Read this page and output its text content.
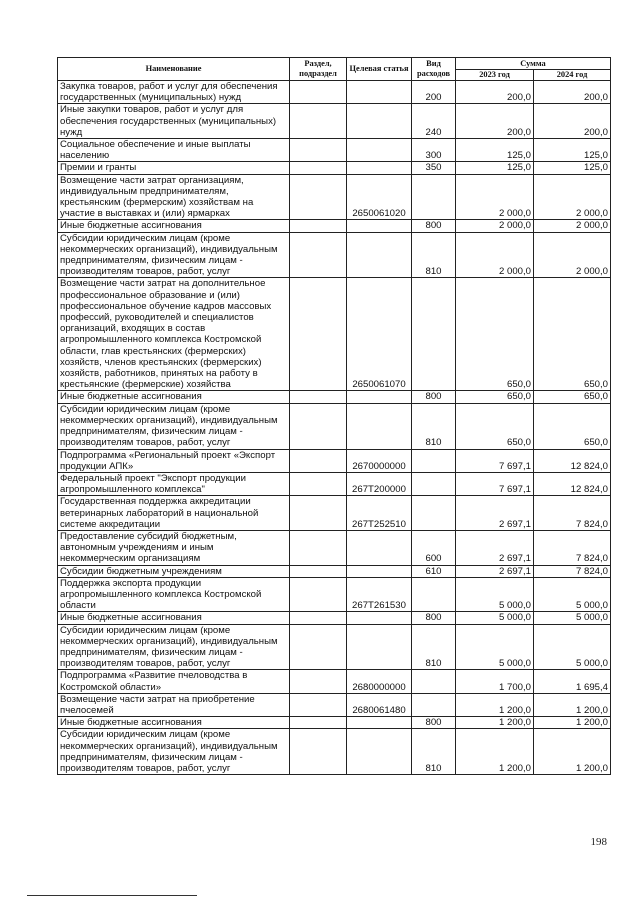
Наименование	Раздел, подраздел	Целевая статья	Вид расходов	Сумма	
				2023 год	2024 год
Закупка товаров, работ и услуг для обеспечения государственных (муниципальных) нужд			200	200,0	200,0
Иные закупки товаров, работ и услуг для обеспечения государственных (муниципальных) нужд			240	200,0	200,0
Социальное обеспечение и иные выплаты населению			300	125,0	125,0
Премии и гранты			350	125,0	125,0
Возмещение части затрат организациям, индивидуальным предпринимателям, крестьянским (фермерским) хозяйствам на участие в выставках и (или) ярмарках		2650061020		2 000,0	2 000,0
Иные бюджетные ассигнования			800	2 000,0	2 000,0
Субсидии юридическим лицам (кроме некоммерческих организаций), индивидуальным предпринимателям, физическим лицам - производителям товаров, работ, услуг			810	2 000,0	2 000,0
Возмещение части затрат на дополнительное профессиональное образование и (или) профессиональное обучение кадров массовых профессий, руководителей и специалистов организаций, входящих в состав агропромышленного комплекса Костромской области, глав крестьянских (фермерских) хозяйств, членов крестьянских (фермерских) хозяйств, работников, принятых на работу в крестьянские (фермерские) хозяйства		2650061070		650,0	650,0
Иные бюджетные ассигнования			800	650,0	650,0
Субсидии юридическим лицам (кроме некоммерческих организаций), индивидуальным предпринимателям, физическим лицам - производителям товаров, работ, услуг			810	650,0	650,0
Подпрограмма «Региональный проект «Экспорт продукции АПК»		2670000000		7 697,1	12 824,0
Федеральный проект "Экспорт продукции агропромышленного комплекса"		267T200000		7 697,1	12 824,0
Государственная поддержка аккредитации ветеринарных лабораторий в национальной системе аккредитации		267T252510		2 697,1	7 824,0
Предоставление субсидий бюджетным, автономным учреждениям и иным некоммерческим организациям			600	2 697,1	7 824,0
Субсидии бюджетным учреждениям			610	2 697,1	7 824,0
Поддержка экспорта продукции агропромышленного комплекса Костромской области		267T261530		5 000,0	5 000,0
Иные бюджетные ассигнования			800	5 000,0	5 000,0
Субсидии юридическим лицам (кроме некоммерческих организаций), индивидуальным предпринимателям, физическим лицам - производителям товаров, работ, услуг			810	5 000,0	5 000,0
Подпрограмма «Развитие пчеловодства в Костромской области»		2680000000		1 700,0	1 695,4
Возмещение части затрат на приобретение пчелосемей		2680061480		1 200,0	1 200,0
Иные бюджетные ассигнования			800	1 200,0	1 200,0
Субсидии юридическим лицам (кроме некоммерческих организаций), индивидуальным предпринимателям, физическим лицам - производителям товаров, работ, услуг			810	1 200,0	1 200,0
198
